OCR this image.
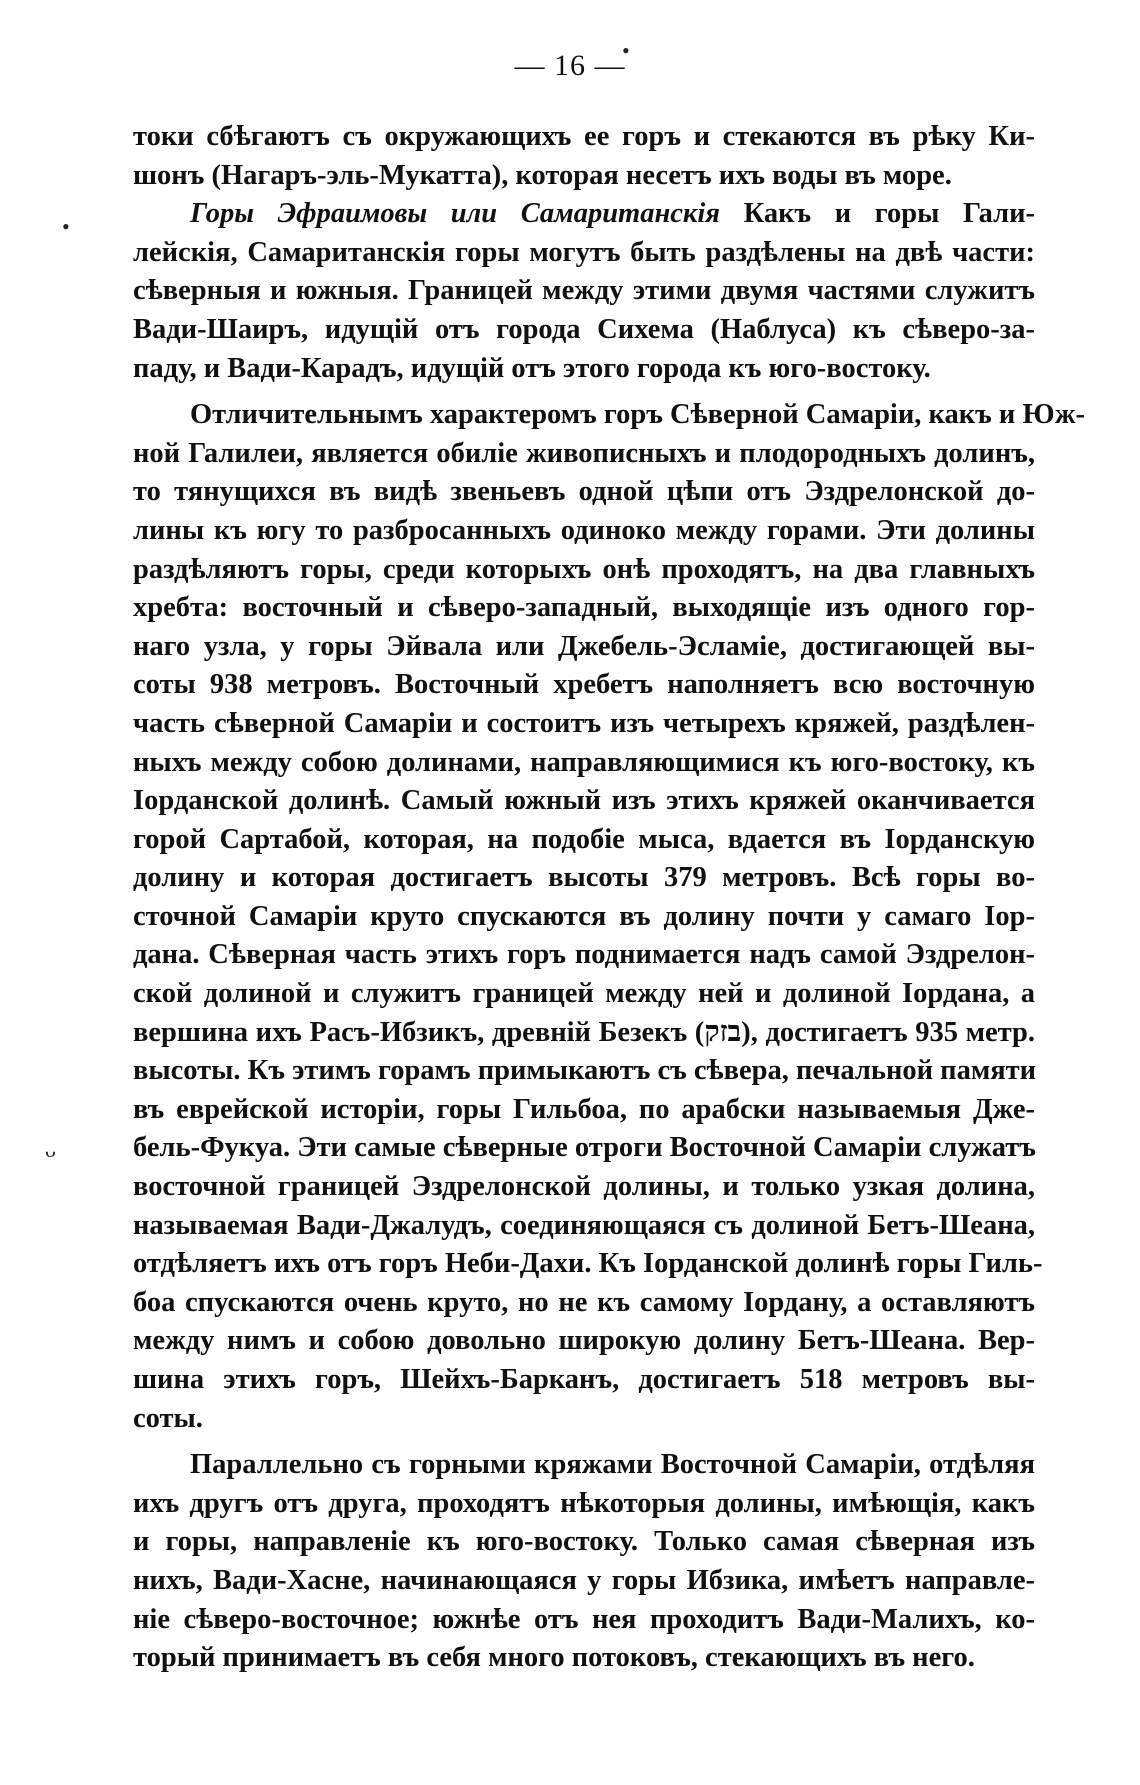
— 16 —
•
•
ᴗ
токи сбѣгаютъ съ окружающихъ ее горъ и стекаются въ рѣку Ки-
шонъ (Нагаръ-эль-Мукатта), которая несетъ ихъ воды въ море.
Горы Эфраимовы или Самаританскія Какъ и горы Гали-
лейскія, Самаританскія горы могутъ быть раздѣлены на двѣ части:
сѣверныя и южныя. Границей между этими двумя частями служитъ
Вади-Шаиръ, идущій отъ города Сихема (Наблуса) къ сѣверо-за-
паду, и Вади-Карадъ, идущій отъ этого города къ юго-востоку.
Отличительнымъ характеромъ горъ Сѣверной Самаріи, какъ и Юж-
ной Галилеи, является обиліе живописныхъ и плодородныхъ долинъ,
то тянущихся въ видѣ звеньевъ одной цѣпи отъ Эздрелонской до-
лины къ югу то разбросанныхъ одиноко между горами. Эти долины
раздѣляютъ горы, среди которыхъ онѣ проходятъ, на два главныхъ
хребта: восточный и сѣверо-западный, выходящіе изъ одного гор-
наго узла, у горы Эйвала или Джебель-Эсламіе, достигающей вы-
соты 938 метровъ. Восточный хребетъ наполняетъ всю восточную
часть сѣверной Самаріи и состоитъ изъ четырехъ кряжей, раздѣлен-
ныхъ между собою долинами, направляющимися къ юго-востоку, къ
Іорданской долинѣ. Самый южный изъ этихъ кряжей оканчивается
горой Сартабой, которая, на подобіе мыса, вдается въ Іорданскую
долину и которая достигаетъ высоты 379 метровъ. Всѣ горы во-
сточной Самаріи круто спускаются въ долину почти у самаго Іор-
дана. Сѣверная часть этихъ горъ поднимается надъ самой Эздрелон-
ской долиной и служитъ границей между ней и долиной Іордана, а
вершина ихъ Расъ-Ибзикъ, древній Безекъ (בזק), достигаетъ 935 метр.
высоты. Къ этимъ горамъ примыкаютъ съ сѣвера, печальной памяти
въ еврейской исторіи, горы Гильбоа, по арабски называемыя Дже-
бель-Фукуа. Эти самые сѣверные отроги Восточной Самаріи служатъ
восточной границей Эздрелонской долины, и только узкая долина,
называемая Вади-Джалудъ, соединяющаяся съ долиной Бетъ-Шеана,
отдѣляетъ ихъ отъ горъ Неби-Дахи. Къ Іорданской долинѣ горы Гиль-
боа спускаются очень круто, но не къ самому Іордану, а оставляютъ
между нимъ и собою довольно широкую долину Бетъ-Шеана. Вер-
шина этихъ горъ, Шейхъ-Барканъ, достигаетъ 518 метровъ вы-
соты.
Параллельно съ горными кряжами Восточной Самаріи, отдѣляя
ихъ другъ отъ друга, проходятъ нѣкоторыя долины, имѣющія, какъ
и горы, направленіе къ юго-востоку. Только самая сѣверная изъ
нихъ, Вади-Хасне, начинающаяся у горы Ибзика, имѣетъ направле-
ніе сѣверо-восточное; южнѣе отъ нея проходитъ Вади-Малихъ, ко-
торый принимаетъ въ себя много потоковъ, стекающихъ въ него.
